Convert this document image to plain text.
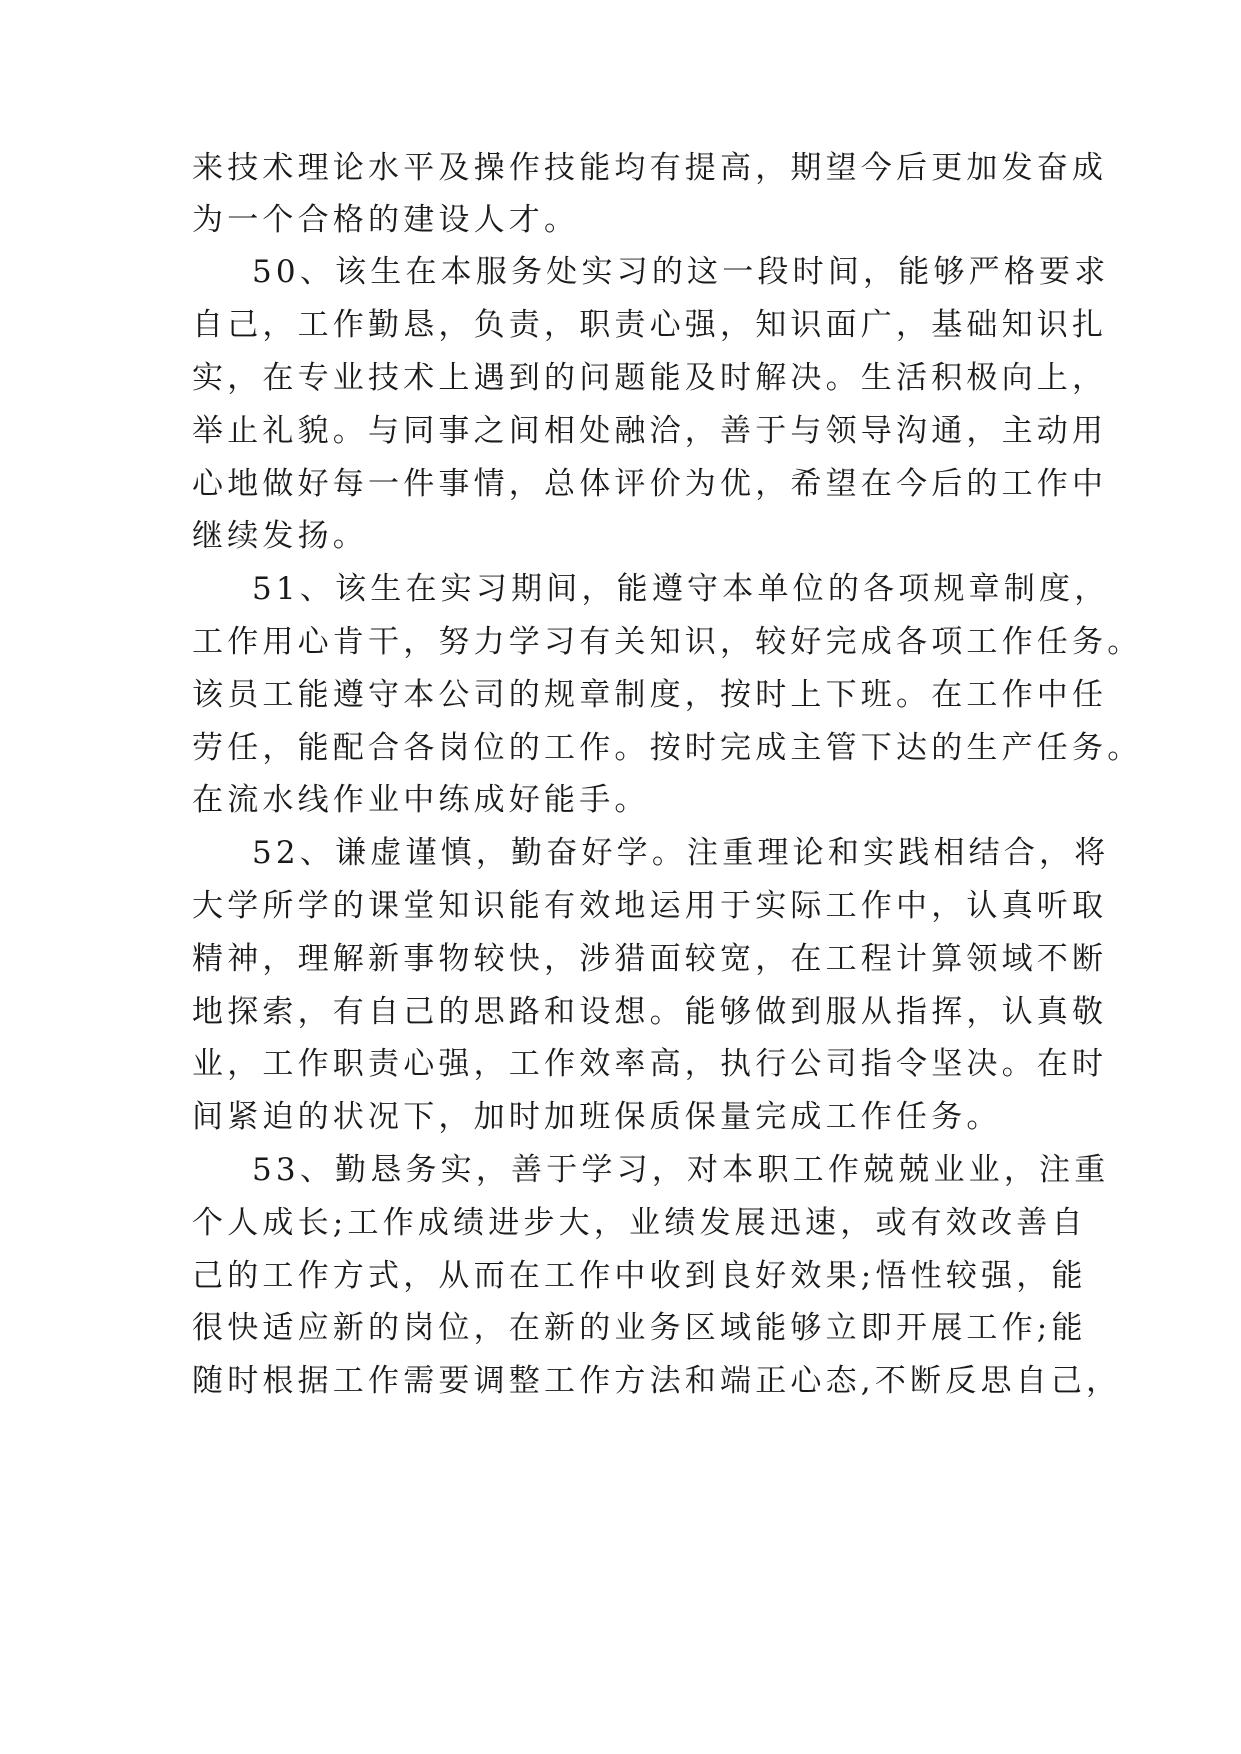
来技术理论水平及操作技能均有提高，期望今后更加发奋成
为一个合格的建设人才。
50、该生在本服务处实习的这一段时间，能够严格要求
自己，工作勤恳，负责，职责心强，知识面广，基础知识扎
实，在专业技术上遇到的问题能及时解决。生活积极向上，
举止礼貌。与同事之间相处融洽，善于与领导沟通，主动用
心地做好每一件事情，总体评价为优，希望在今后的工作中
继续发扬。
51、该生在实习期间，能遵守本单位的各项规章制度，
工作用心肯干，努力学习有关知识，较好完成各项工作任务。
该员工能遵守本公司的规章制度，按时上下班。在工作中任
劳任，能配合各岗位的工作。按时完成主管下达的生产任务。
在流水线作业中练成好能手。
52、谦虚谨慎，勤奋好学。注重理论和实践相结合，将
大学所学的课堂知识能有效地运用于实际工作中，认真听取
精神，理解新事物较快，涉猎面较宽，在工程计算领域不断
地探索，有自己的思路和设想。能够做到服从指挥，认真敬
业，工作职责心强，工作效率高，执行公司指令坚决。在时
间紧迫的状况下，加时加班保质保量完成工作任务。
53、勤恳务实，善于学习，对本职工作兢兢业业，注重
个人成长;工作成绩进步大，业绩发展迅速，或有效改善自
己的工作方式，从而在工作中收到良好效果;悟性较强，能
很快适应新的岗位，在新的业务区域能够立即开展工作;能
随时根据工作需要调整工作方法和端正心态,不断反思自己，
